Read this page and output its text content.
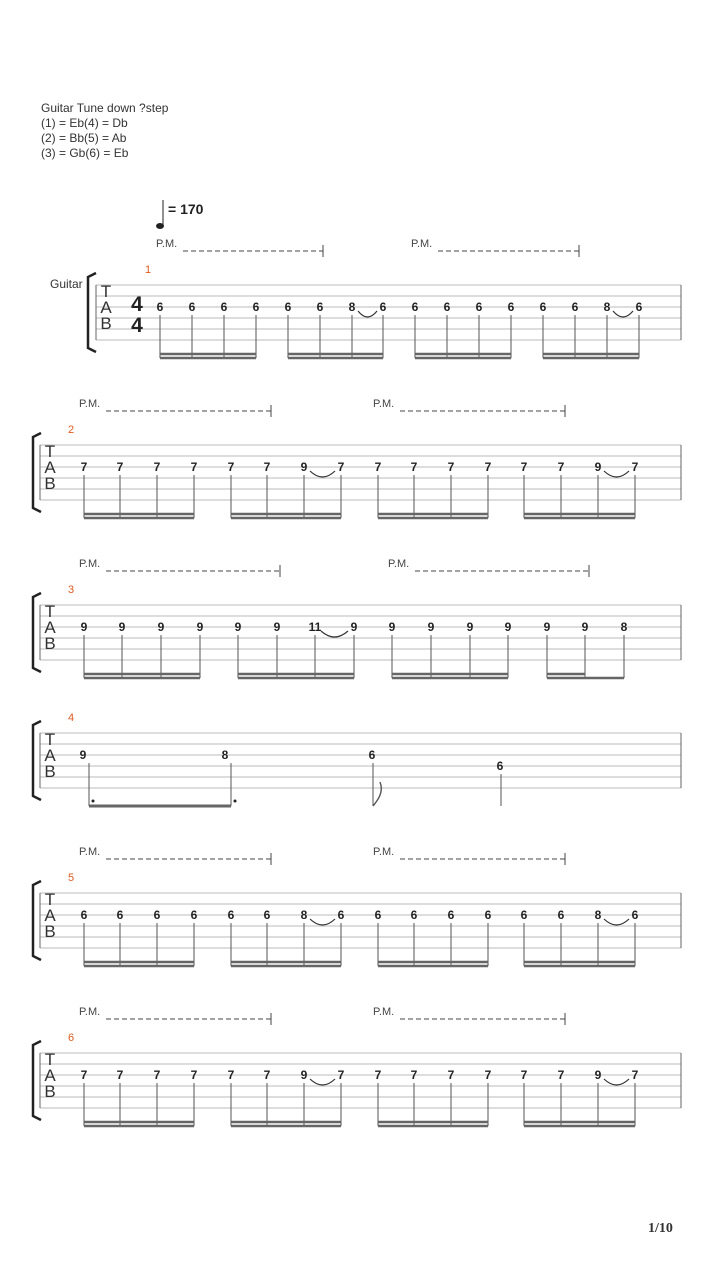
Guitar Tune down ?step
(1) = Eb(4) = Db
(2) = Bb(5) = Ab
(3) = Gb(6) = Eb
= 170
Guitar
1/10
T
A
B
4
4
1
P.M.	P.M.
6 6 6 6 6 6 8 6 6 6 6 6 6 6 8 6
T
A
B
2
P.M.	P.M.
7 7	7	7	7 7	9	7	7 7	7	7 7	7	9	7
T
A
B
3
P.M.	P.M.
9	9	9	9	9	9 11 9	9	9	9	9	9	9	8
T
A
B
4
9	8	6
6
T
A
B
5
P.M.	P.M.
6 6	6	6	6 6	8	6	6 6	6	6 6	6	8	6
T
A
B
6
P.M.	P.M.
7 7	7	7	7 7	9	7	7 7	7	7 7	7	9	7
